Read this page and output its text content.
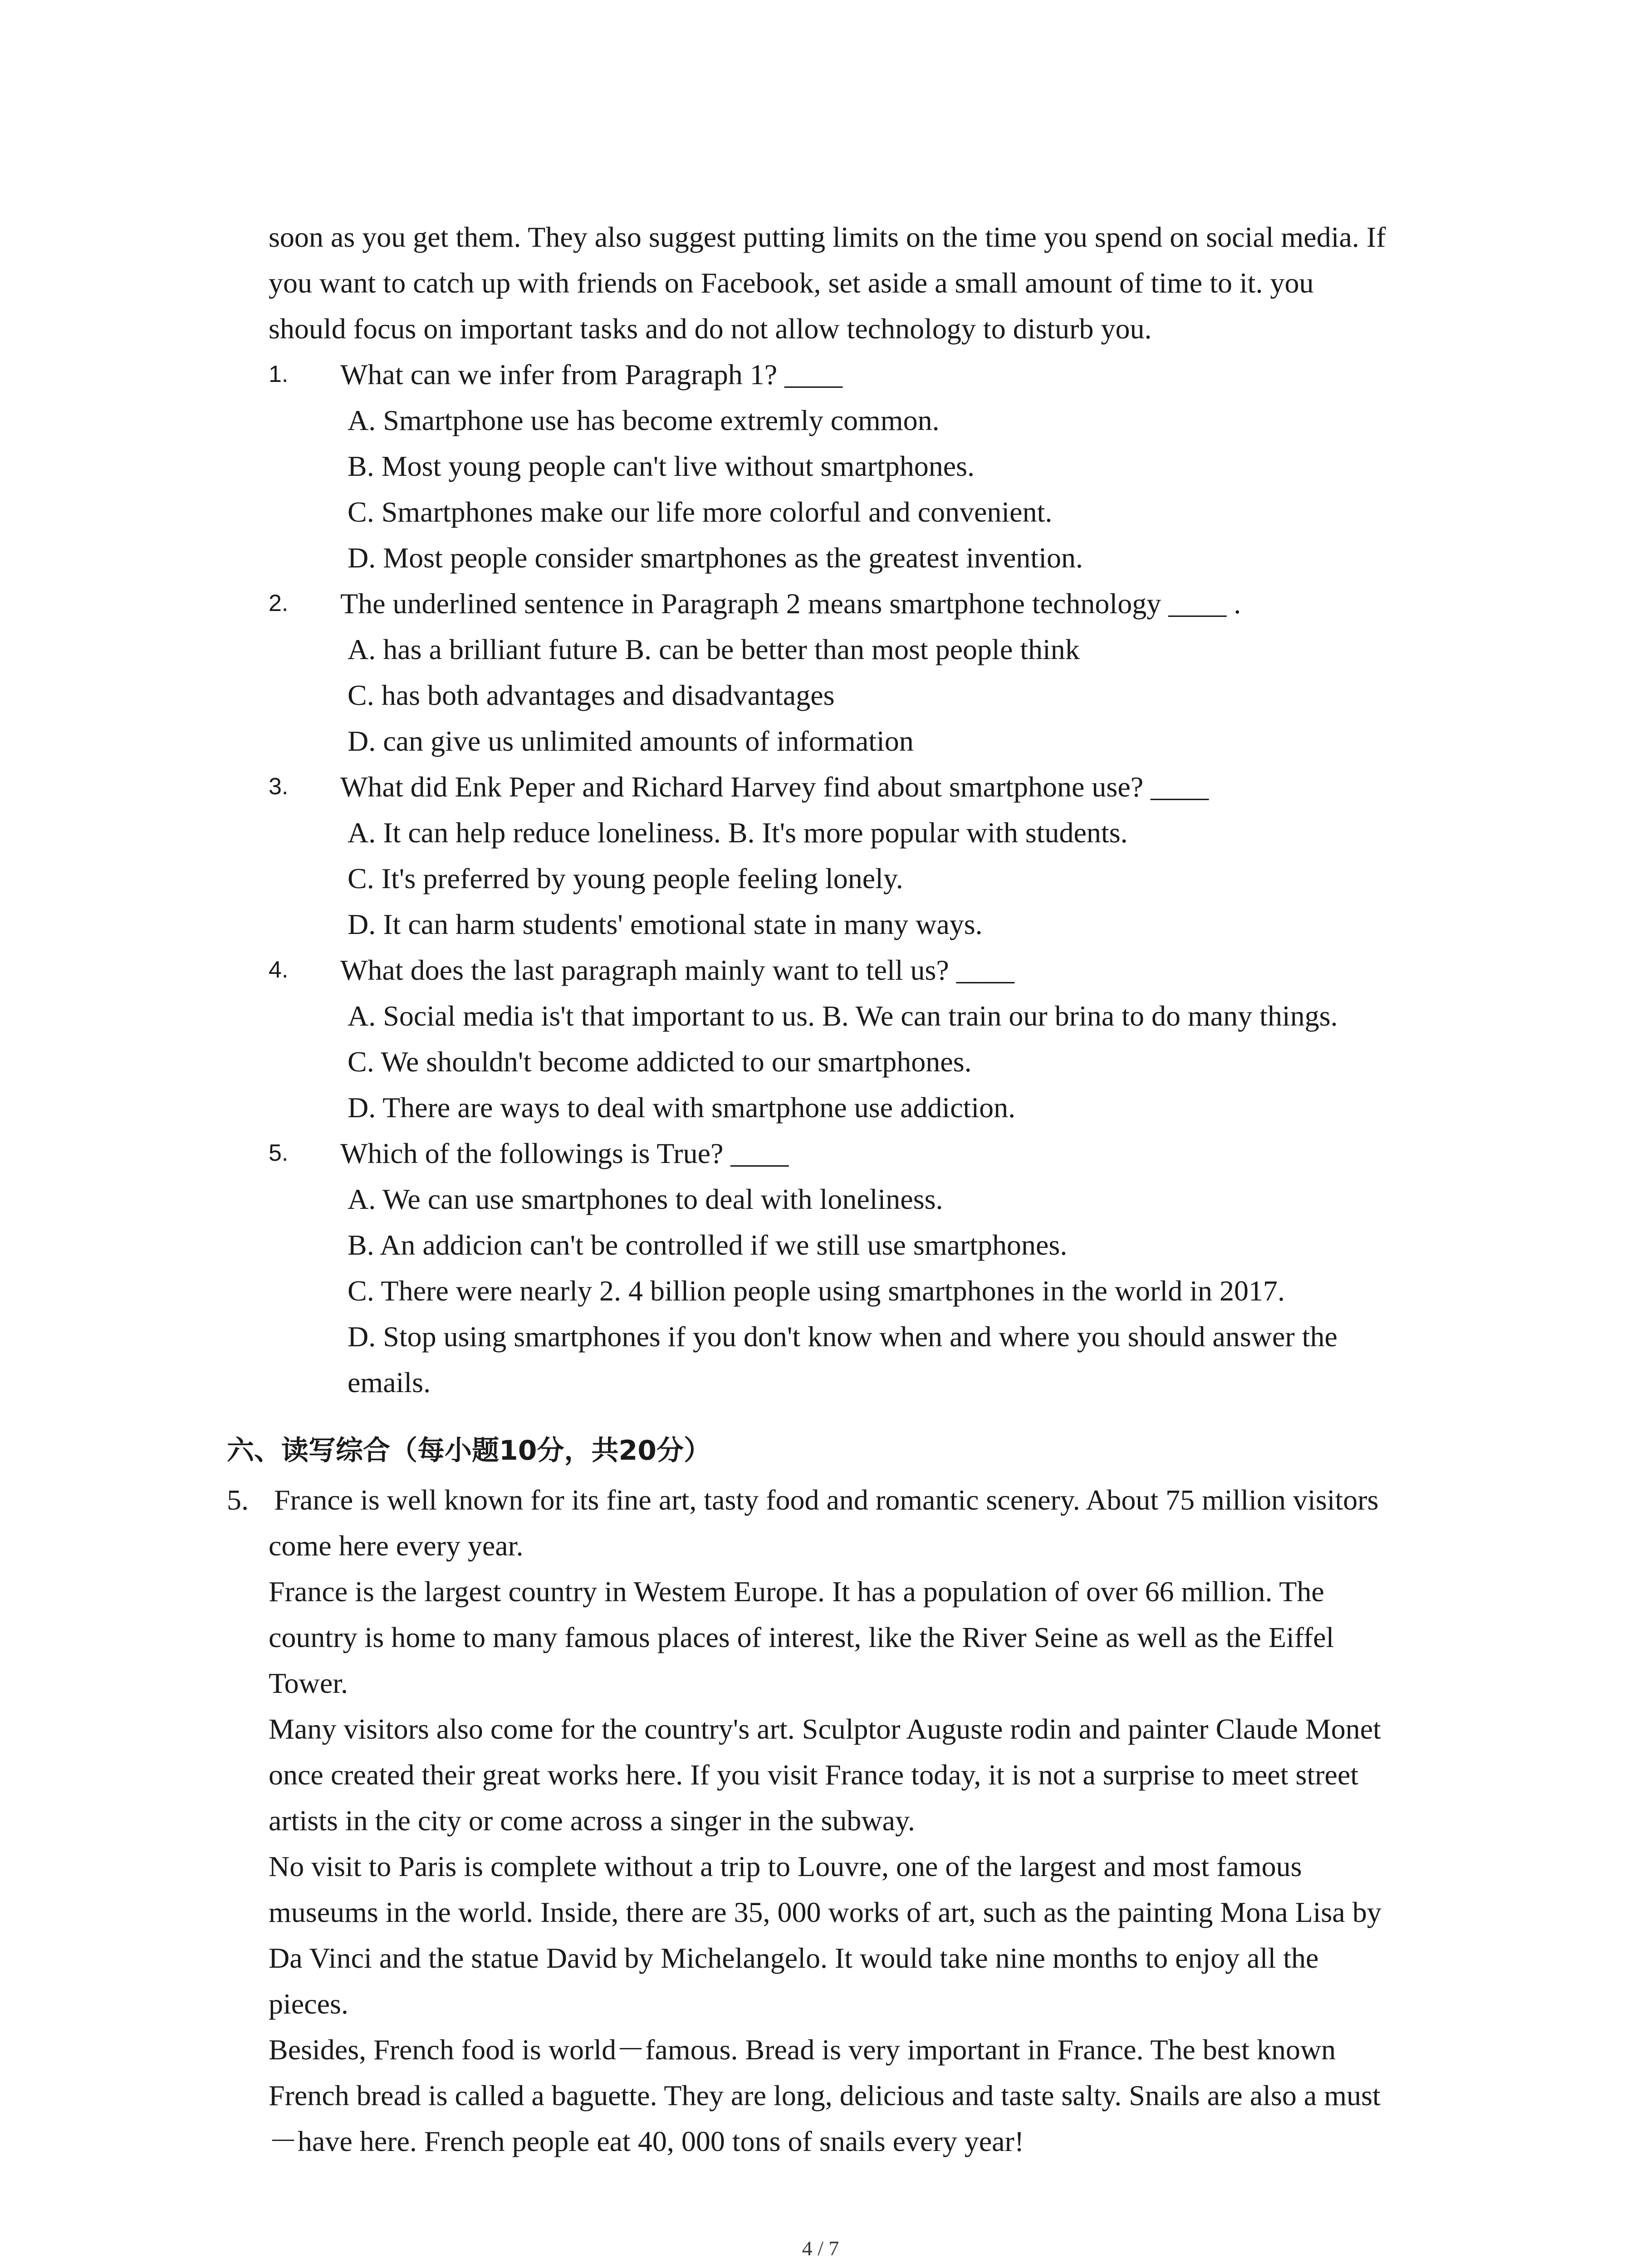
soon as you get them. They also suggest putting limits on the time you spend on social media. If
you want to catch up with friends on Facebook, set aside a small amount of time to it. you
should focus on important tasks and do not allow technology to disturb you.
1. What can we infer from Paragraph 1? ____
A. Smartphone use has become extremly common.
B. Most young people can't live without smartphones.
C. Smartphones make our life more colorful and convenient.
D. Most people consider smartphones as the greatest invention.
2. The underlined sentence in Paragraph 2 means smartphone technology ____ .
A. has a brilliant future B. can be better than most people think
C. has both advantages and disadvantages
D. can give us unlimited amounts of information
3. What did Enk Peper and Richard Harvey find about smartphone use? ____
A. It can help reduce loneliness. B. It's more popular with students.
C. It's preferred by young people feeling lonely.
D. It can harm students' emotional state in many ways.
4. What does the last paragraph mainly want to tell us? ____
A. Social media is't that important to us. B. We can train our brina to do many things.
C. We shouldn't become addicted to our smartphones.
D. There are ways to deal with smartphone use addiction.
5. Which of the followings is True? ____
A. We can use smartphones to deal with loneliness.
B. An addicion can't be controlled if we still use smartphones.
C. There were nearly 2. 4 billion people using smartphones in the world in 2017.
D. Stop using smartphones if you don't know when and where you should answer the
emails.
六、读写综合（每小题10分，共20分）
5. France is well known for its fine art, tasty food and romantic scenery. About 75 million visitors
come here every year.
France is the largest country in Westem Europe. It has a population of over 66 million. The
country is home to many famous places of interest, like the River Seine as well as the Eiffel
Tower.
Many visitors also come for the country's art. Sculptor Auguste rodin and painter Claude Monet
once created their great works here. If you visit France today, it is not a surprise to meet street
artists in the city or come across a singer in the subway.
No visit to Paris is complete without a trip to Louvre, one of the largest and most famous
museums in the world. Inside, there are 35, 000 works of art, such as the painting Mona Lisa by
Da Vinci and the statue David by Michelangelo. It would take nine months to enjoy all the
pieces.
Besides, French food is world－famous. Bread is very important in France. The best known
French bread is called a baguette. They are long, delicious and taste salty. Snails are also a must
－have here. French people eat 40, 000 tons of snails every year!
4 / 7
